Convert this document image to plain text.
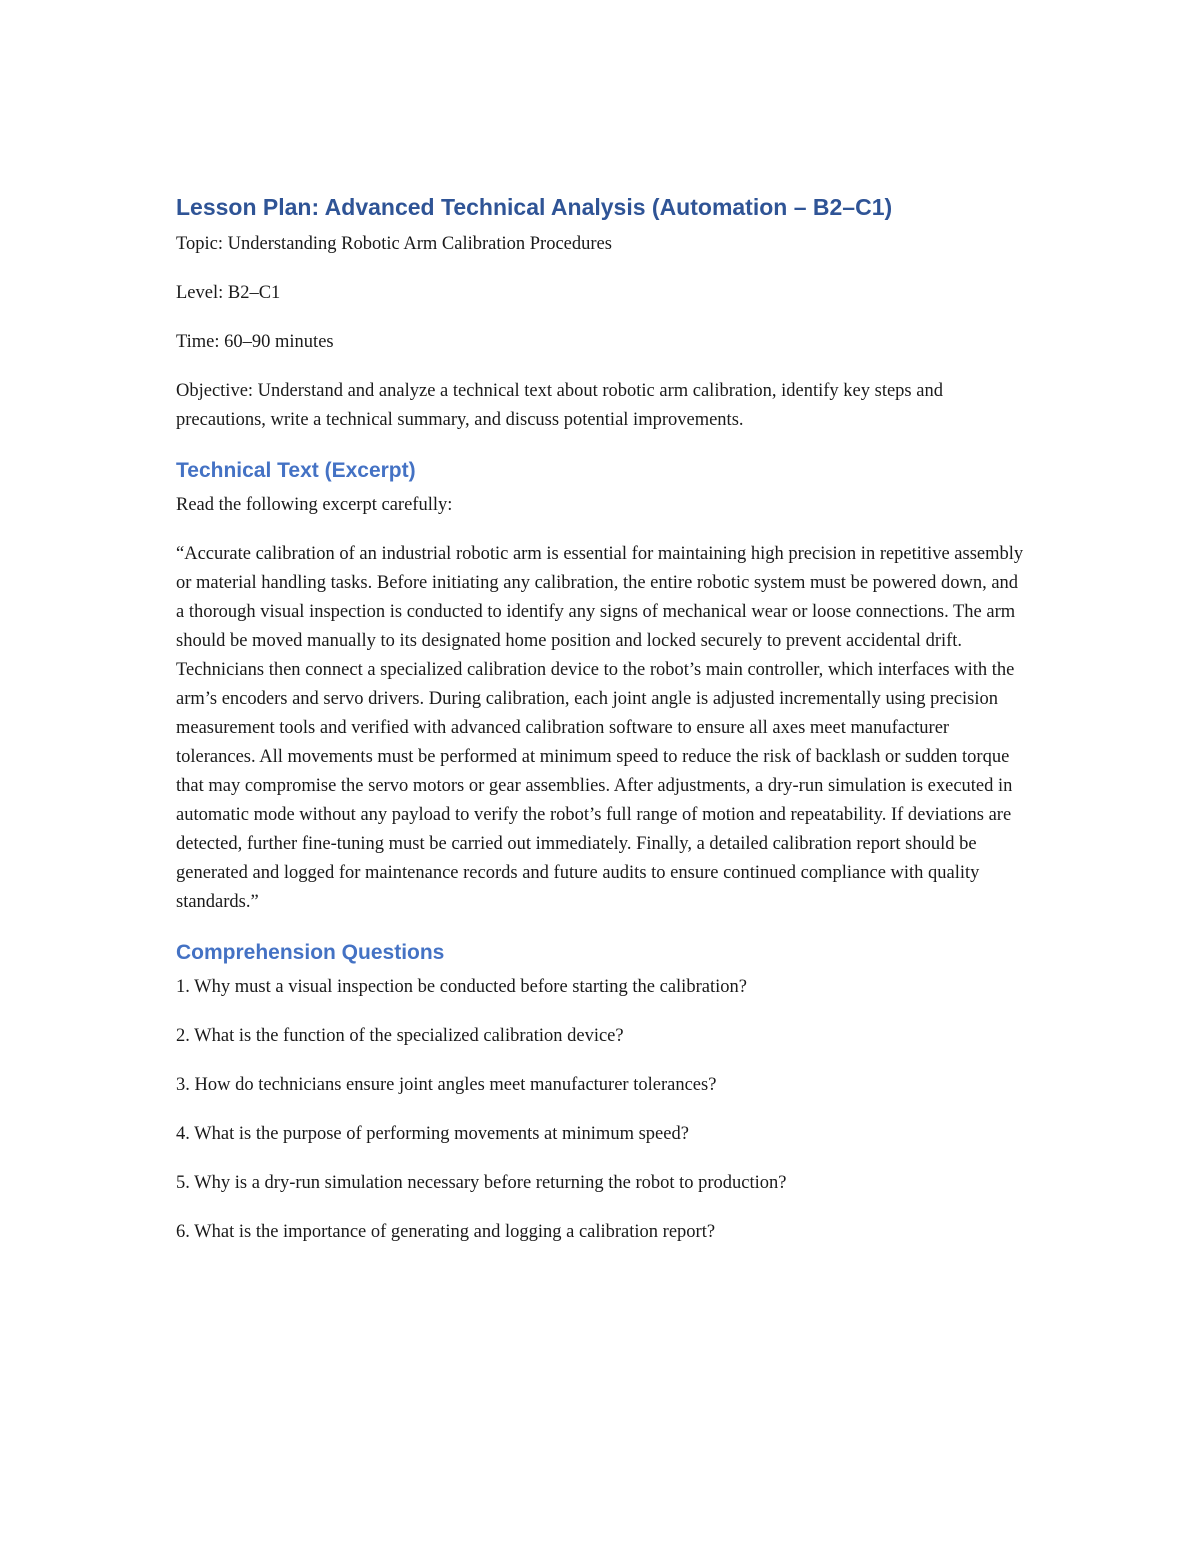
Lesson Plan: Advanced Technical Analysis (Automation – B2–C1)

Topic: Understanding Robotic Arm Calibration Procedures

Level: B2–C1

Time: 60–90 minutes

Objective: Understand and analyze a technical text about robotic arm calibration, identify key steps and precautions, write a technical summary, and discuss potential improvements.

Technical Text (Excerpt)

Read the following excerpt carefully:

“Accurate calibration of an industrial robotic arm is essential for maintaining high precision in repetitive assembly or material handling tasks. Before initiating any calibration, the entire robotic system must be powered down, and a thorough visual inspection is conducted to identify any signs of mechanical wear or loose connections. The arm should be moved manually to its designated home position and locked securely to prevent accidental drift. Technicians then connect a specialized calibration device to the robot’s main controller, which interfaces with the arm’s encoders and servo drivers. During calibration, each joint angle is adjusted incrementally using precision measurement tools and verified with advanced calibration software to ensure all axes meet manufacturer tolerances. All movements must be performed at minimum speed to reduce the risk of backlash or sudden torque that may compromise the servo motors or gear assemblies. After adjustments, a dry-run simulation is executed in automatic mode without any payload to verify the robot’s full range of motion and repeatability. If deviations are detected, further fine-tuning must be carried out immediately. Finally, a detailed calibration report should be generated and logged for maintenance records and future audits to ensure continued compliance with quality standards.”

Comprehension Questions
1. Why must a visual inspection be conducted before starting the calibration?
2. What is the function of the specialized calibration device?
3. How do technicians ensure joint angles meet manufacturer tolerances?
4. What is the purpose of performing movements at minimum speed?
5. Why is a dry-run simulation necessary before returning the robot to production?
6. What is the importance of generating and logging a calibration report?
